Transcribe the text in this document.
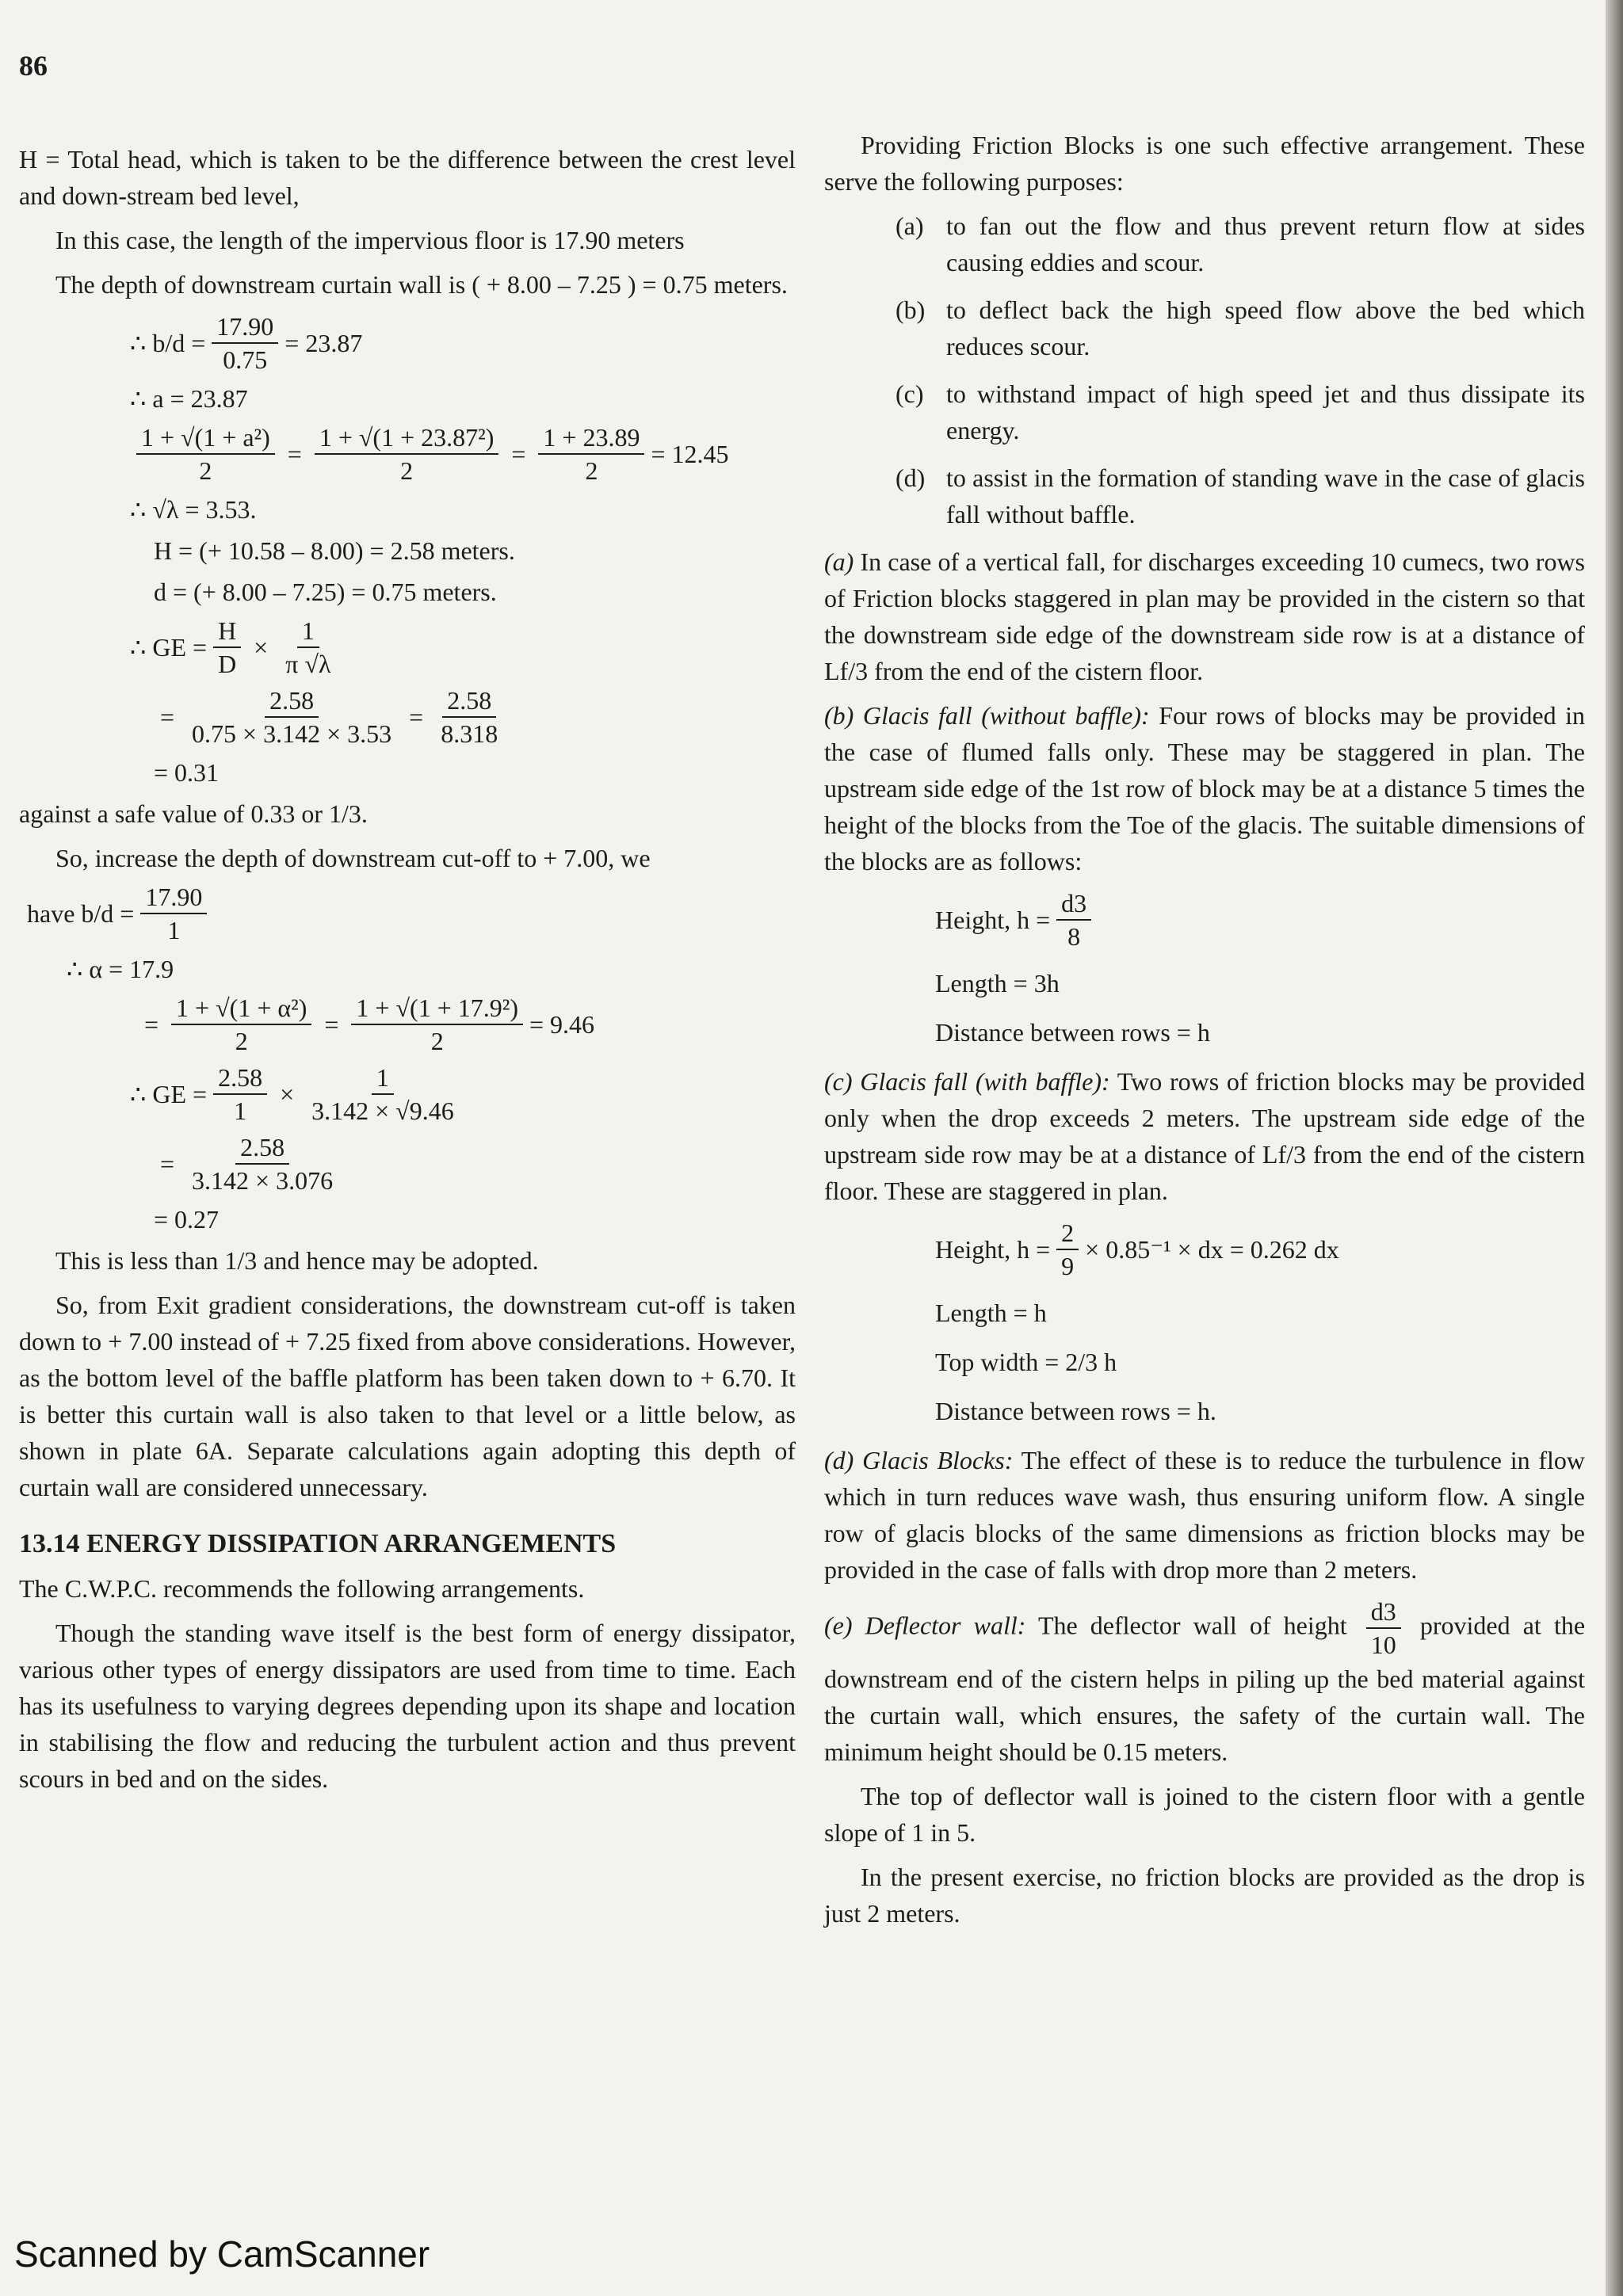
86

H = Total head, which is taken to be the difference between the crest level and down-stream bed level,

In this case, the length of the impervious floor is 17.90 meters

The depth of downstream curtain wall is ( + 8.00 – 7.25 ) = 0.75 meters.

∴ $b/d = \frac{17.90}{0.75} = 23.87$
∴ a = 23.87
$\frac{\text{1 + √(1 + a²)}}{2} = \frac{\text{1 + √(1 + 23.87²)}}{2} = \frac{1 + 23.89}{2} = 12.45$
∴ √λ = 3.53.
H = (+ 10.58 – 8.00) = 2.58 meters.
d = (+ 8.00 – 7.25) = 0.75 meters.
∴ GE = $\frac{H}{D} \times \frac{1}{\pi √\lambda}$
= $\frac{2.58}{0.75 \times 3.142 \times 3.53} = \frac{2.58}{8.318}$
= 0.31

against a safe value of 0.33 or 1/3.

So, increase the depth of downstream cut-off to + 7.00, we

have $b/d = \frac{17.90}{1}$
∴ α = 17.9
= $\frac{\text{1 + √(1 + α²)}}{2} = \frac{\text{1 + √(1 + 17.9²)}}{2} = 9.46$
∴ GE = $\frac{2.58}{1} \times \frac{1}{3.142 \times √9.46}$
= $\frac{2.58}{3.142 \times 3.076}$
= 0.27

This is less than 1/3 and hence may be adopted.

So, from Exit gradient considerations, the downstream cut-off is taken down to + 7.00 instead of + 7.25 fixed from above considerations. However, as the bottom level of the baffle platform has been taken down to + 6.70. It is better this curtain wall is also taken to that level or a little below, as shown in plate 6A. Separate calculations again adopting this depth of curtain wall are considered unnecessary.

13.14 ENERGY DISSIPATION ARRANGEMENTS

The C.W.P.C. recommends the following arrangements.

Though the standing wave itself is the best form of energy dissipator, various other types of energy dissipators are used from time to time. Each has its usefulness to varying degrees depending upon its shape and location in stabilising the flow and reducing the turbulent action and thus prevent scours in bed and on the sides.

Providing Friction Blocks is one such effective arrangement. These serve the following purposes:

(a) to fan out the flow and thus prevent return flow at sides causing eddies and scour.
(b) to deflect back the high speed flow above the bed which reduces scour.
(c) to withstand impact of high speed jet and thus dissipate its energy.
(d) to assist in the formation of standing wave in the case of glacis fall without baffle.

(a) In case of a vertical fall, for discharges exceeding 10 cumecs, two rows of Friction blocks staggered in plan may be provided in the cistern so that the downstream side edge of the downstream side row is at a distance of Lf/3 from the end of the cistern floor.

(b) Glacis fall (without baffle): Four rows of blocks may be provided in the case of flumed falls only. These may be staggered in plan. The upstream side edge of the 1st row of block may be at a distance 5 times the height of the blocks from the Toe of the glacis. The suitable dimensions of the blocks are as follows:

Height, $h = \frac{d3}{8}$
Length = 3h
Distance between rows = h

(c) Glacis fall (with baffle): Two rows of friction blocks may be provided only when the drop exceeds 2 meters. The upstream side edge of the upstream side row may be at a distance of Lf/3 from the end of the cistern floor. These are staggered in plan.

Height, $h = \frac{2}{9} \times 0.85^{-1}$ × dx = 0.262 dx
Length = h
Top width = 2/3 h
Distance between rows = h.

(d) Glacis Blocks: The effect of these is to reduce the turbulence in flow which in turn reduces wave wash, thus ensuring uniform flow. A single row of glacis blocks of the same dimensions as friction blocks may be provided in the case of falls with drop more than 2 meters.

(e) Deflector wall: The deflector wall of height $\frac{d3}{10}$ provided at the downstream end of the cistern helps in piling up the bed material against the curtain wall, which ensures, the safety of the curtain wall. The minimum height should be 0.15 meters.

The top of deflector wall is joined to the cistern floor with a gentle slope of 1 in 5.

In the present exercise, no friction blocks are provided as the drop is just 2 meters.

Scanned by CamScanner
